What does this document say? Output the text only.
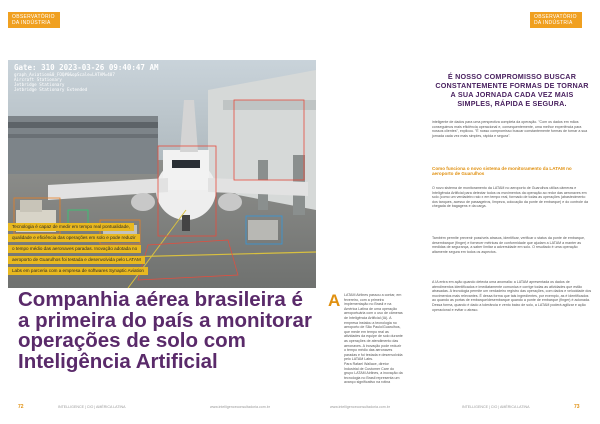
OBSERVATÓRIO DA INDÚSTRIA
OBSERVATÓRIO DA INDÚSTRIA
Gate: 310 2023-03-26 09:40:47 AM
graph_Aviation&0_FOQ#0&opScale=LATAM=407
Aircraft Stationary
Jetbridge Stationary
Jetbridge Stationary Extended
Tecnologia é capaz de medir em tempo real pontualidade,
qualidade e eficiência das operações em solo e pode reduzir
o tempo médio das aeronaves paradas. Inovação adotada no
aeroporto de Guarulhos foi testada e desenvolvida pelo LATAM
Labs em parceria com a empresa de softwares Synaptic Aviation
Companhia aérea brasileira é a primeira do país a monitorar operações de solo com Inteligência Artificial
A	LATAM Airlines passou a contar, em fevereiro, com a primeira implementação no Brasil e na América Latina de uma operação aeroportuária com o uso de câmeras de Inteligência Artificial (IA). A empresa instalou a tecnologia no aeroporto de São Paulo/Guarulhos, que mede em tempo real as atividades da equipe de solo durante as operações de atendimento das aeronaves. A inovação pode reduzir o tempo médio das aeronaves paradas e foi testada e desenvolvida pelo LATAM Labs.
Para Rafael Wallace, diretor Industrial de Customer Care do grupo LATAM Airlines, a inovação da tecnologia no Brasil representa um avanço significativo na rotina
É NOSSO COMPROMISSO BUSCAR CONSTANTEMENTE FORMAS DE TORNAR A SUA JORNADA CADA VEZ MAIS SIMPLES, RÁPIDA E SEGURA.
inteligente de dados para uma perspectiva completa da operação. "Com os dados em mãos conseguimos mais eficiência operacional e, consequentemente, uma melhor experiência para nossos clientes", explicou. "É nosso compromisso buscar constantemente formas de tornar a sua jornada cada vez mais simples, rápida e segura".
Como funciona o novo sistema de monitoramento da LATAM no aeroporto de Guarulhos
O novo sistema de monitoramento da LATAM no aeroporto de Guarulhos utiliza câmeras e Inteligência Artificial para detectar todos os movimentos da operação ao redor das aeronaves em solo (como um verdadeiro raio x em tempo real, formado de todas as operações (abastecimento dos tanques, acesso de passageiros, limpeza, colocação da ponte de embarque) e do controle da chegada de bagagens e da carga.
Também permite prevenir possíveis atrasos, identificar, verificar o status da ponte de embarque, desembarque (finger) e fornecer métricas de conformidade que ajudam a LATAM a manter as medidas de segurança, a saber limitar a adversidade em solo. O resultado é uma operação altamente segura em todos os aspectos.
A IA entra em ação quando detecta uma anomalia: a LATAM apresentada os dados de atendimentos identificados e imediatamente comunica e corrige todas as atividades que estão atrasadas. A tecnologia permite um verdadeiro registro das operações, com dados e velocidade dos movimentos mais relevantes. É dessa forma que tais ingredientes, por exemplo, as é identificados ao quando as portas de embarque/desembarque quando a ponte de embarque (finger) é acionada. Dessa forma, quando é dado a tolerância e vento baixo de solo, a LATAM poderá agilizar e ação operacional e evitar o atraso.
72	INTELLIGENCE | CIO | AMÉRICA LATINA	www.intelligenceconsultadoria.com.br	www.intelligenceconsultadoria.com.br	INTELLIGENCE | CIO | AMÉRICA LATINA	73
